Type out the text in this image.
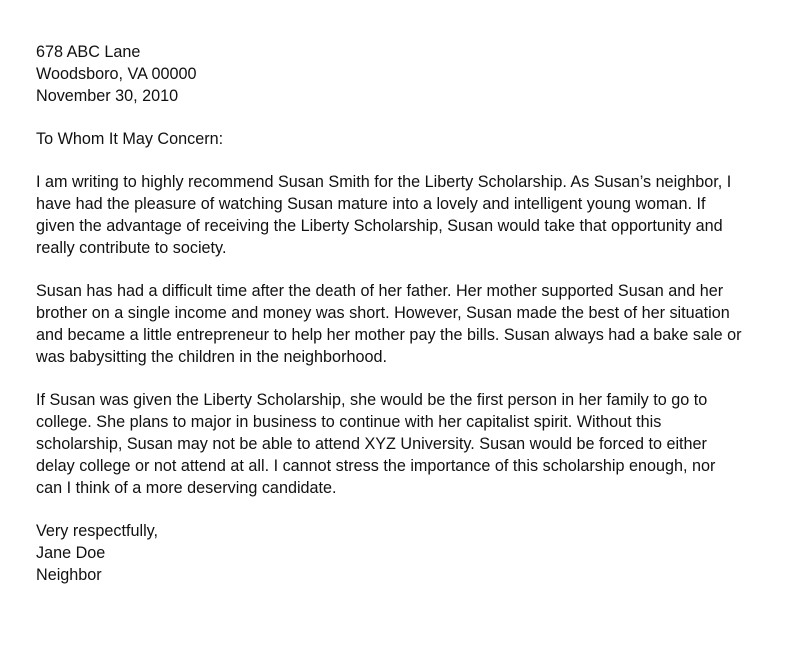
678 ABC Lane
Woodsboro, VA 00000
November 30, 2010
To Whom It May Concern:
I am writing to highly recommend Susan Smith for the Liberty Scholarship. As Susan’s neighbor, I
have had the pleasure of watching Susan mature into a lovely and intelligent young woman. If
given the advantage of receiving the Liberty Scholarship, Susan would take that opportunity and
really contribute to society.
Susan has had a difficult time after the death of her father. Her mother supported Susan and her
brother on a single income and money was short. However, Susan made the best of her situation
and became a little entrepreneur to help her mother pay the bills. Susan always had a bake sale or
was babysitting the children in the neighborhood.
If Susan was given the Liberty Scholarship, she would be the first person in her family to go to
college. She plans to major in business to continue with her capitalist spirit. Without this
scholarship, Susan may not be able to attend XYZ University. Susan would be forced to either
delay college or not attend at all. I cannot stress the importance of this scholarship enough, nor
can I think of a more deserving candidate.
Very respectfully,
Jane Doe
Neighbor
